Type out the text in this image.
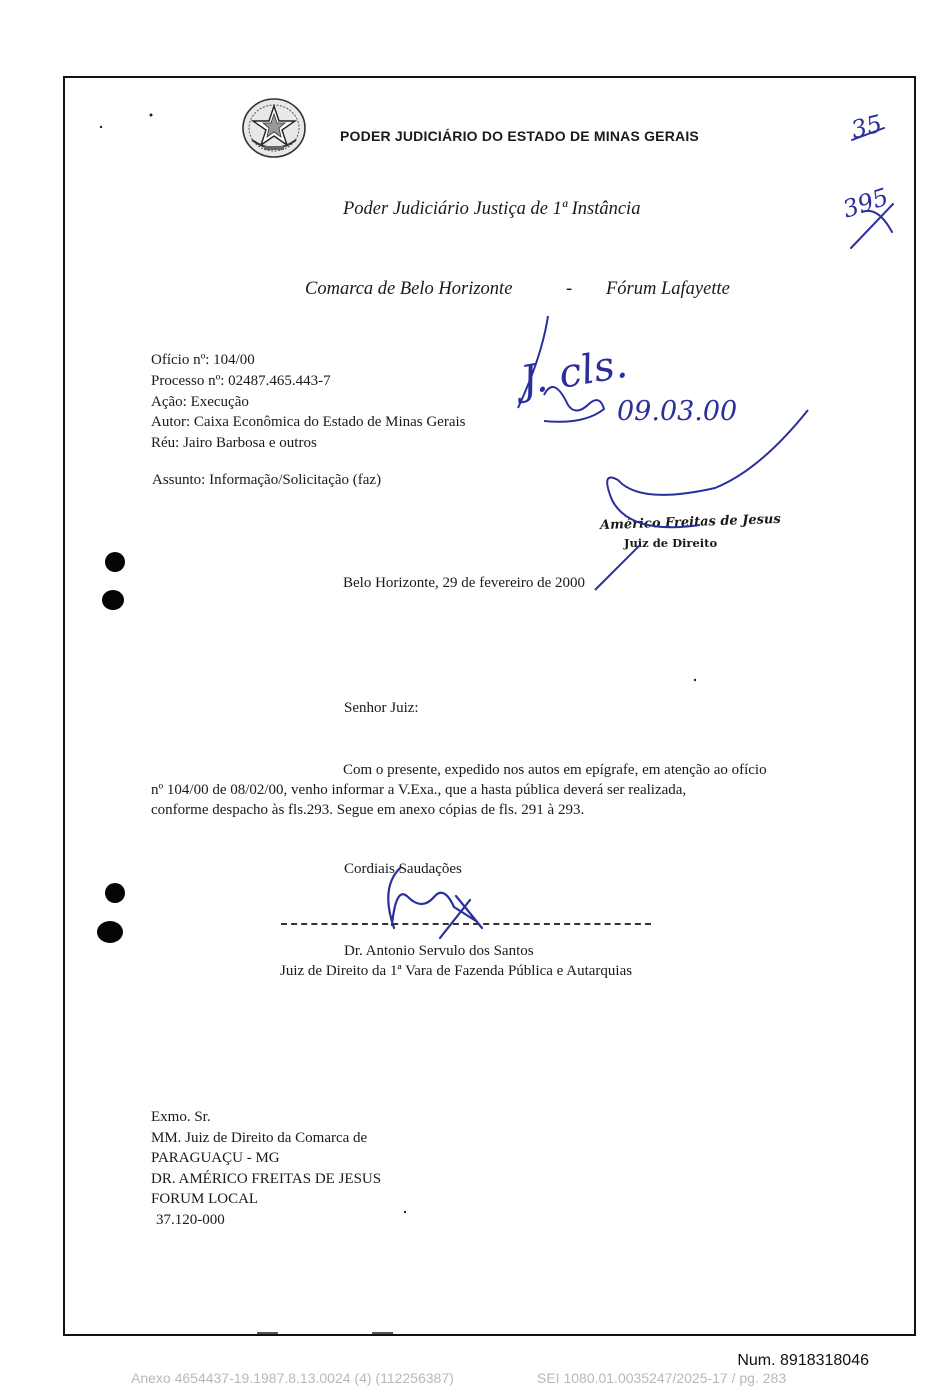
PODER JUDICIÁRIO DO ESTADO DE MINAS GERAIS
Poder Judiciário Justiça de 1ª Instância
Comarca de Belo Horizonte	- Fórum Lafayette
Ofício nº: 104/00
Processo nº: 02487.465.443-7
Ação: Execução
Autor: Caixa Econômica do Estado de Minas Gerais
Réu: Jairo Barbosa e outros
Assunto: Informação/Solicitação (faz)
Américo Freitas de Jesus
Juiz de Direito
Belo Horizonte, 29 de fevereiro de 2000
Senhor Juiz:
Com o presente, expedido nos autos em epígrafe, em atenção ao ofício
nº 104/00 de 08/02/00, venho informar a V.Exa., que a hasta pública deverá ser realizada,
conforme despacho às fls.293. Segue em anexo cópias de fls. 291 à 293.
Cordiais Saudações
Dr. Antonio Servulo dos Santos
Juiz de Direito da 1ª Vara de Fazenda Pública e Autarquias
Exmo. Sr.
MM. Juiz de Direito da Comarca de
PARAGUAÇU - MG
DR. AMÉRICO FREITAS DE JESUS
FORUM LOCAL
37.120-000
35
395
J. cls.
09.03.00
Num. 8918318046
Anexo 4654437-19.1987.8.13.0024 (4) (112256387)	SEI 1080.01.0035247/2025-17 / pg. 283
